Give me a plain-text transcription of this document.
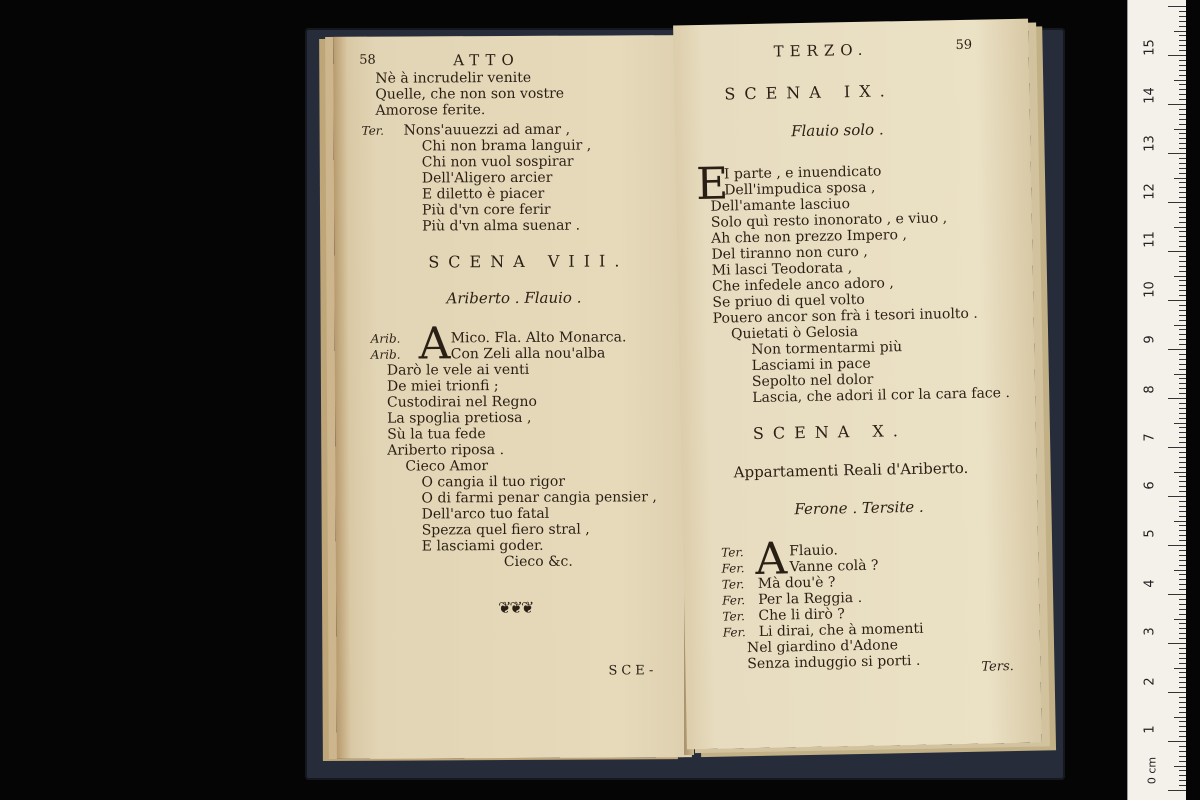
58	ATTO
Nè à incrudelir venite
Quelle, che non son vostre
Amorose ferite.
Ter. Nons'auuezzi ad amar ,
Chi non brama languir ,
Chi non vuol sospirar
Dell'Aligero arcier
E diletto è piacer
Più d'vn core ferir
Più d'vn alma suenar .
SCENA VIII.
Ariberto . Flauio .
Arib. A Mico. Fla. Alto Monarca.
Arib.	Con Zeli alla nou'alba
Darò le vele ai venti
De miei trionfi ;
Custodirai nel Regno
La spoglia pretiosa ,
Sù la tua fede
Ariberto riposa .
Cieco Amor
O cangia il tuo rigor
O di farmi penar cangia pensier ,
Dell'arco tuo fatal
Spezza quel fiero stral ,
E lasciami goder.
Cieco &c.
❦❦❦
SCE-
TERZO.	59
SCENA IX.
Flauio solo .
E
I parte , e inuendicato
Dell'impudica sposa ,
Dell'amante lasciuo
Solo quì resto inonorato , e viuo ,
Ah che non prezzo Impero ,
Del tiranno non curo ,
Mi lasci Teodorata ,
Che infedele anco adoro ,
Se priuo di quel volto
Pouero ancor son frà i tesori inuolto .
Quietati ò Gelosia
Non tormentarmi più
Lasciami in pace
Sepolto nel dolor
Lascia, che adori il cor la cara face .
SCENA X.
Appartamenti Reali d'Ariberto.
Ferone . Tersite .
A
Ter.	Flauio.
Fer.	Vanne colà ?
Ter. Mà dou'è ?
Fer. Per la Reggia .
Ter. Che li dirò ?
Fer. Li dirai, che à momenti
Nel giardino d'Adone
Senza induggio si porti .	Ters.
15
14
13
12
11
10
9
8
7
6
5
4
3
2
1
0 cm
